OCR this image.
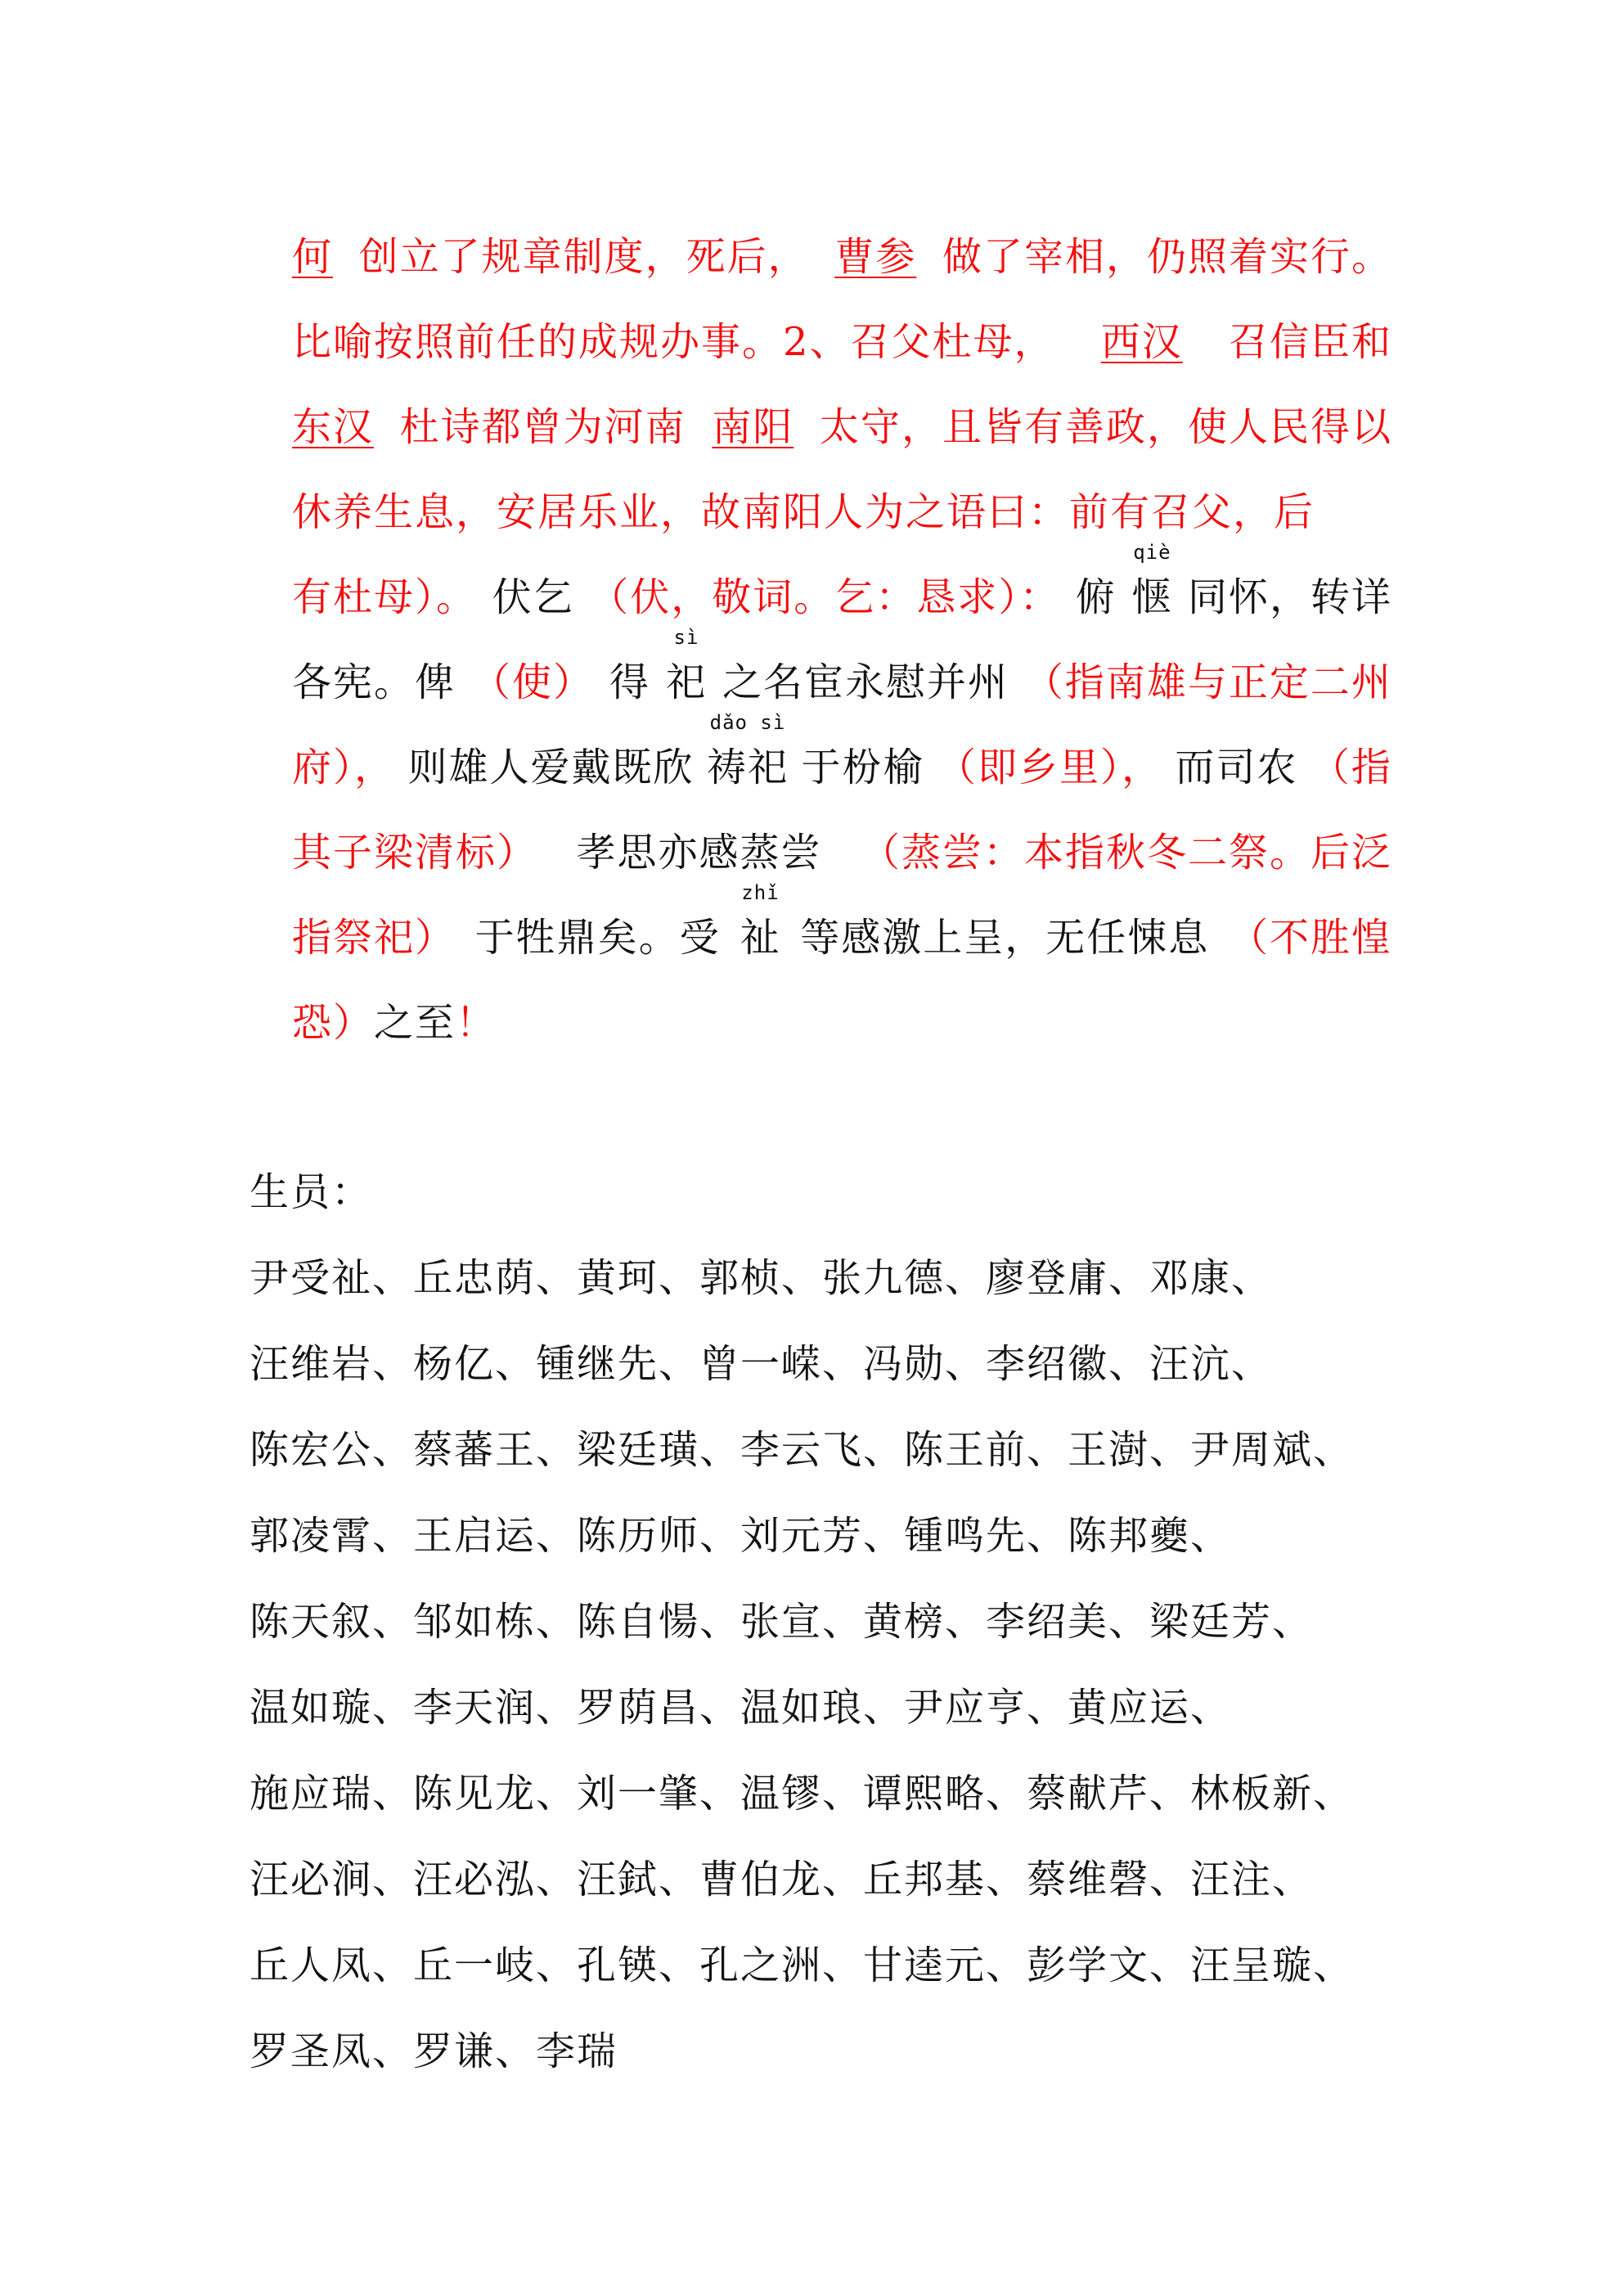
何 创立了规章制度，死后， 曹参 做了宰相，仍照着实行。
比喻按照前任的成规办事。2、召父杜母， 西汉 召信臣和
东汉 杜诗都曾为河南 南阳 太守，且皆有善政，使人民得以
休养生息，安居乐业，故南阳人为之语曰：前有召父，后
有杜母）。 伏乞 （伏，敬词。乞：恳求）： 俯
qiè
惬 同怀，转详
各宪。俾 （使） 得
sì
祀 之名宦永慰并州 （指南雄与正定二州
府）， 则雄人爱戴既欣
dǎo sì
祷祀 于枌榆 （即乡里）， 而司农 （指
其子梁清标） 孝思亦感蒸尝 （蒸尝：本指秋冬二祭。后泛
指祭祀） 于牲鼎矣。受
zhǐ
祉 等感激上呈，无任悚息 （不胜惶
恐） 之至 ！
生员：
尹受祉、丘忠荫、黄珂、郭桢、张九德、廖登庸、邓康、
汪维岩、杨亿、锺继先、曾一嵘、冯勋、李绍徽、汪沆、
陈宏公、蔡蕃王、梁廷璜、李云飞、陈王前、王澍、尹周斌、
郭凌霄、王启运、陈历师、刘元芳、锺鸣先、陈邦夔、
陈天叙、邹如栋、陈自愓、张宣、黄榜、李绍美、梁廷芳、
温如璇、李天润、罗荫昌、温如琅、尹应亨、黄应运、
施应瑞、陈见龙、刘一肇、温镠、谭熙略、蔡献芹、林板新、
汪必涧、汪必泓、汪鉽、曹伯龙、丘邦基、蔡维磬、汪注、
丘人凤、丘一岐、孔锳、孔之洲、甘逵元、彭学文、汪呈璇、
罗圣凤、罗谦、李瑞
